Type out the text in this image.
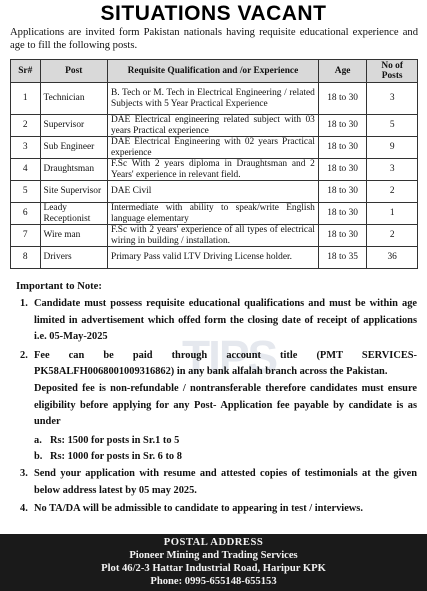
SITUATIONS VACANT
Applications are invited form Pakistan nationals having requisite educational experience and age to fill the following posts.
Sr#	Post	Requisite Qualification and /or Experience	Age	No of Posts
1	Technician	B. Tech or M. Tech in Electrical Engineering / related Subjects with 5 Year Practical Experience	18 to 30	3
2	Supervisor	DAE Electrical engineering related subject with 03 years Practical experience	18 to 30	5
3	Sub Engineer	DAE Electrical Engineering with 02 years Practical experience	18 to 30	9
4	Draughtsman	F.Sc With 2 years diploma in Draughtsman and 2 Years' experience in relevant field.	18 to 30	3
5	Site Supervisor	DAE Civil	18 to 30	2
6	Leady Receptionist	Intermediate with ability to speak/write English language elementary	18 to 30	1
7	Wire man	F.Sc with 2 years' experience of all types of electrical wiring in building / installation.	18 to 30	2
8	Drivers	Primary Pass valid LTV Driving License holder.	18 to 35	36
Important to Note:
TIPS
1. Candidate must possess requisite educational qualifications and must be within age limited in advertisement which offed form the closing date of receipt of applications i.e. 05-May-2025
2. Fee can be paid through account title (PMT SERVICES-PK58ALFH0068001009316862) in any bank alfalah branch across the Pakistan.
Deposited fee is non-refundable / nontransferable therefore candidates must ensure eligibility before applying for any Post- Application fee payable by candidate is as under
a. Rs: 1500 for posts in Sr.1 to 5
b. Rs: 1000 for posts in Sr. 6 to 8
3. Send your application with resume and attested copies of testimonials at the given below address latest by 05 may 2025.
4. No TA/DA will be admissible to candidate to appearing in test / interviews.
POSTAL ADDRESS
Pioneer Mining and Trading Services
Plot 46/2-3 Hattar Industrial Road, Haripur KPK
Phone: 0995-655148-655153
